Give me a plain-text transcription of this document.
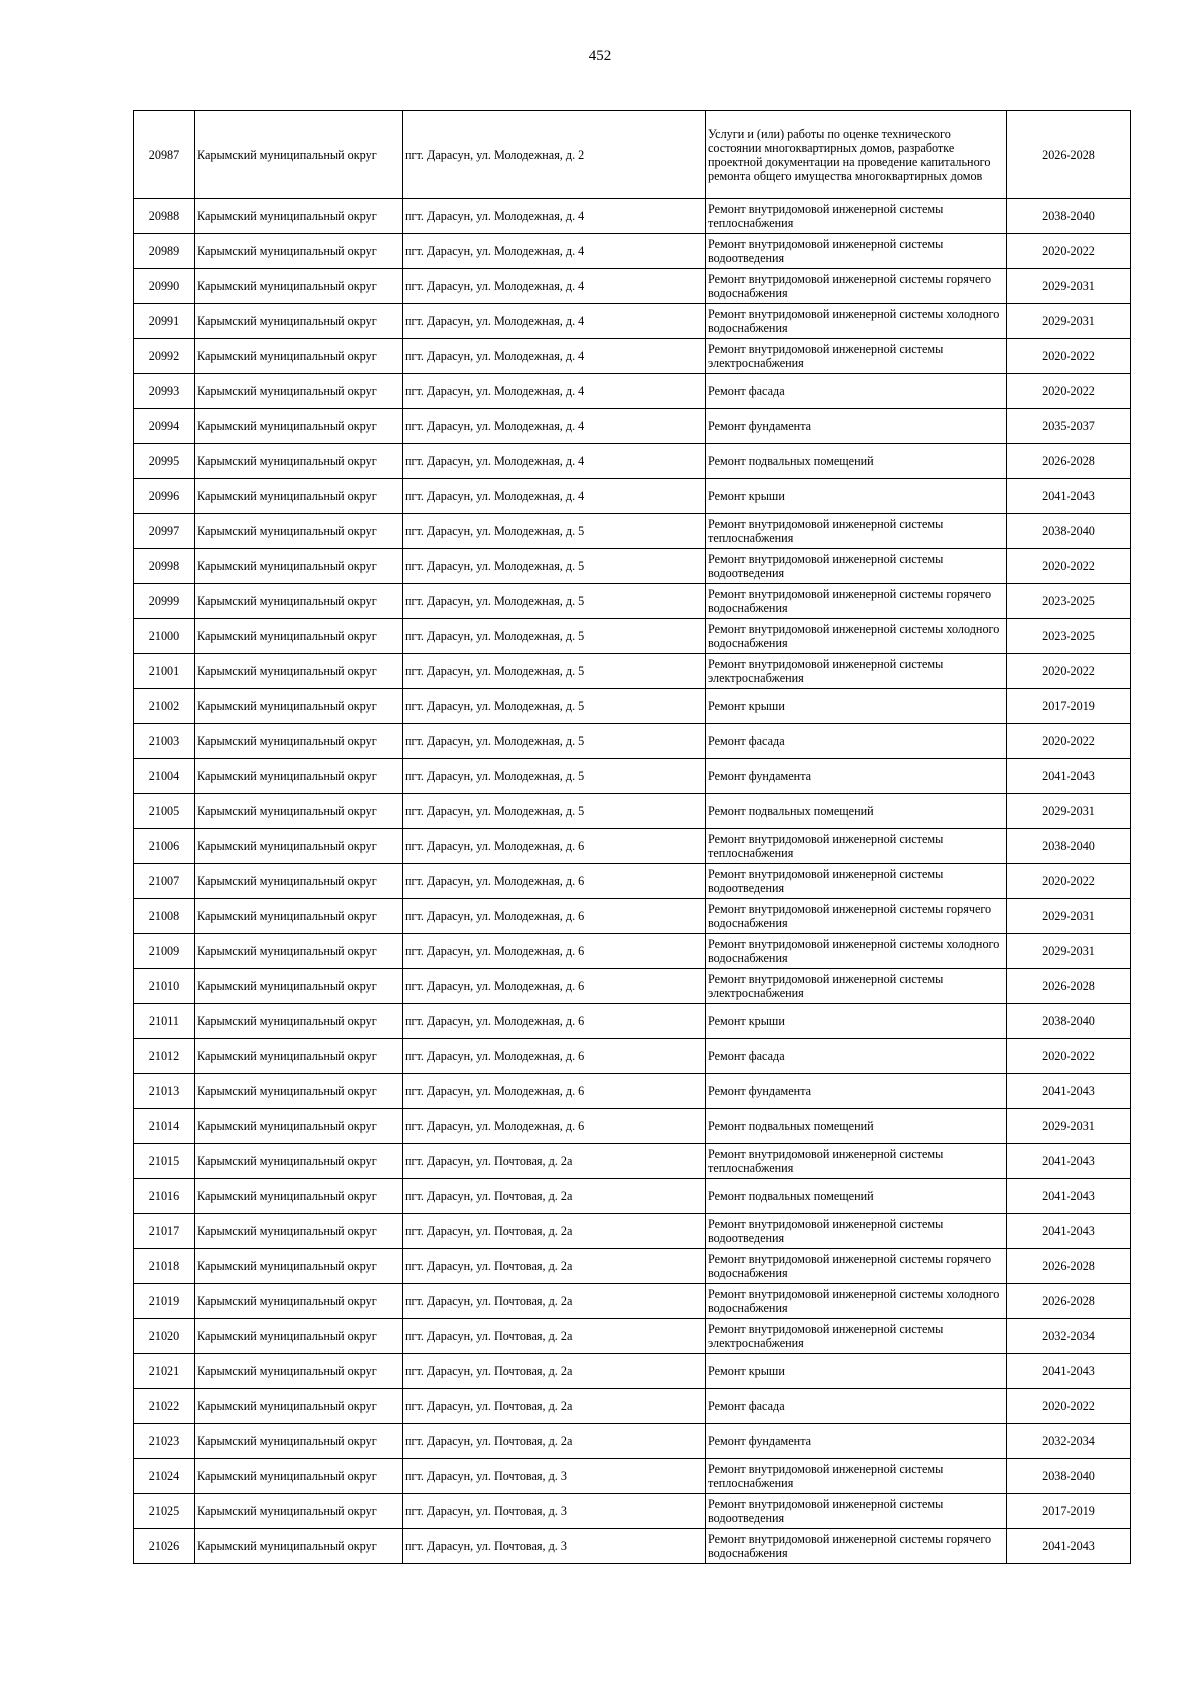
452
20987	Карымский муниципальный округ	пгт. Дарасун, ул. Молодежная, д. 2	Услуги и (или) работы по оценке технического состоянии многоквартирных домов, разработке проектной документации на проведение капитального ремонта общего имущества многоквартирных домов	2026-2028
20988	Карымский муниципальный округ	пгт. Дарасун, ул. Молодежная, д. 4	Ремонт внутридомовой инженерной системы теплоснабжения	2038-2040
20989	Карымский муниципальный округ	пгт. Дарасун, ул. Молодежная, д. 4	Ремонт внутридомовой инженерной системы водоотведения	2020-2022
20990	Карымский муниципальный округ	пгт. Дарасун, ул. Молодежная, д. 4	Ремонт внутридомовой инженерной системы горячего водоснабжения	2029-2031
20991	Карымский муниципальный округ	пгт. Дарасун, ул. Молодежная, д. 4	Ремонт внутридомовой инженерной системы холодного водоснабжения	2029-2031
20992	Карымский муниципальный округ	пгт. Дарасун, ул. Молодежная, д. 4	Ремонт внутридомовой инженерной системы электроснабжения	2020-2022
20993	Карымский муниципальный округ	пгт. Дарасун, ул. Молодежная, д. 4	Ремонт фасада	2020-2022
20994	Карымский муниципальный округ	пгт. Дарасун, ул. Молодежная, д. 4	Ремонт фундамента	2035-2037
20995	Карымский муниципальный округ	пгт. Дарасун, ул. Молодежная, д. 4	Ремонт подвальных помещений	2026-2028
20996	Карымский муниципальный округ	пгт. Дарасун, ул. Молодежная, д. 4	Ремонт крыши	2041-2043
20997	Карымский муниципальный округ	пгт. Дарасун, ул. Молодежная, д. 5	Ремонт внутридомовой инженерной системы теплоснабжения	2038-2040
20998	Карымский муниципальный округ	пгт. Дарасун, ул. Молодежная, д. 5	Ремонт внутридомовой инженерной системы водоотведения	2020-2022
20999	Карымский муниципальный округ	пгт. Дарасун, ул. Молодежная, д. 5	Ремонт внутридомовой инженерной системы горячего водоснабжения	2023-2025
21000	Карымский муниципальный округ	пгт. Дарасун, ул. Молодежная, д. 5	Ремонт внутридомовой инженерной системы холодного водоснабжения	2023-2025
21001	Карымский муниципальный округ	пгт. Дарасун, ул. Молодежная, д. 5	Ремонт внутридомовой инженерной системы электроснабжения	2020-2022
21002	Карымский муниципальный округ	пгт. Дарасун, ул. Молодежная, д. 5	Ремонт крыши	2017-2019
21003	Карымский муниципальный округ	пгт. Дарасун, ул. Молодежная, д. 5	Ремонт фасада	2020-2022
21004	Карымский муниципальный округ	пгт. Дарасун, ул. Молодежная, д. 5	Ремонт фундамента	2041-2043
21005	Карымский муниципальный округ	пгт. Дарасун, ул. Молодежная, д. 5	Ремонт подвальных помещений	2029-2031
21006	Карымский муниципальный округ	пгт. Дарасун, ул. Молодежная, д. 6	Ремонт внутридомовой инженерной системы теплоснабжения	2038-2040
21007	Карымский муниципальный округ	пгт. Дарасун, ул. Молодежная, д. 6	Ремонт внутридомовой инженерной системы водоотведения	2020-2022
21008	Карымский муниципальный округ	пгт. Дарасун, ул. Молодежная, д. 6	Ремонт внутридомовой инженерной системы горячего водоснабжения	2029-2031
21009	Карымский муниципальный округ	пгт. Дарасун, ул. Молодежная, д. 6	Ремонт внутридомовой инженерной системы холодного водоснабжения	2029-2031
21010	Карымский муниципальный округ	пгт. Дарасун, ул. Молодежная, д. 6	Ремонт внутридомовой инженерной системы электроснабжения	2026-2028
21011	Карымский муниципальный округ	пгт. Дарасун, ул. Молодежная, д. 6	Ремонт крыши	2038-2040
21012	Карымский муниципальный округ	пгт. Дарасун, ул. Молодежная, д. 6	Ремонт фасада	2020-2022
21013	Карымский муниципальный округ	пгт. Дарасун, ул. Молодежная, д. 6	Ремонт фундамента	2041-2043
21014	Карымский муниципальный округ	пгт. Дарасун, ул. Молодежная, д. 6	Ремонт подвальных помещений	2029-2031
21015	Карымский муниципальный округ	пгт. Дарасун, ул. Почтовая, д. 2а	Ремонт внутридомовой инженерной системы теплоснабжения	2041-2043
21016	Карымский муниципальный округ	пгт. Дарасун, ул. Почтовая, д. 2а	Ремонт подвальных помещений	2041-2043
21017	Карымский муниципальный округ	пгт. Дарасун, ул. Почтовая, д. 2а	Ремонт внутридомовой инженерной системы водоотведения	2041-2043
21018	Карымский муниципальный округ	пгт. Дарасун, ул. Почтовая, д. 2а	Ремонт внутридомовой инженерной системы горячего водоснабжения	2026-2028
21019	Карымский муниципальный округ	пгт. Дарасун, ул. Почтовая, д. 2а	Ремонт внутридомовой инженерной системы холодного водоснабжения	2026-2028
21020	Карымский муниципальный округ	пгт. Дарасун, ул. Почтовая, д. 2а	Ремонт внутридомовой инженерной системы электроснабжения	2032-2034
21021	Карымский муниципальный округ	пгт. Дарасун, ул. Почтовая, д. 2а	Ремонт крыши	2041-2043
21022	Карымский муниципальный округ	пгт. Дарасун, ул. Почтовая, д. 2а	Ремонт фасада	2020-2022
21023	Карымский муниципальный округ	пгт. Дарасун, ул. Почтовая, д. 2а	Ремонт фундамента	2032-2034
21024	Карымский муниципальный округ	пгт. Дарасун, ул. Почтовая, д. 3	Ремонт внутридомовой инженерной системы теплоснабжения	2038-2040
21025	Карымский муниципальный округ	пгт. Дарасун, ул. Почтовая, д. 3	Ремонт внутридомовой инженерной системы водоотведения	2017-2019
21026	Карымский муниципальный округ	пгт. Дарасун, ул. Почтовая, д. 3	Ремонт внутридомовой инженерной системы горячего водоснабжения	2041-2043
